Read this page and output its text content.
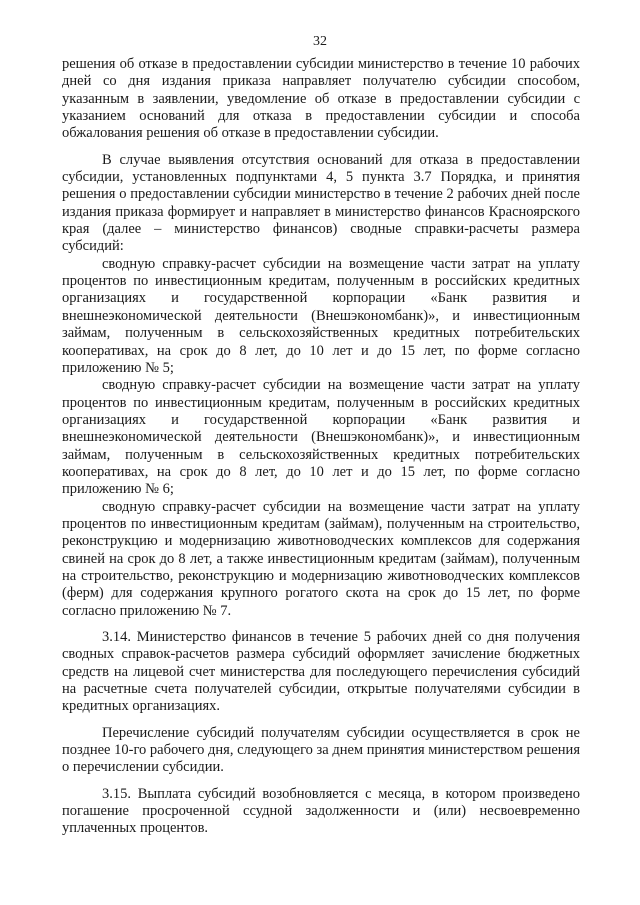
32

решения об отказе в предоставлении субсидии министерство в течение 10 рабочих дней со дня издания приказа направляет получателю субсидии способом, указанным в заявлении, уведомление об отказе в предоставлении субсидии с указанием оснований для отказа в предоставлении субсидии и способа обжалования решения об отказе в предоставлении субсидии.

В случае выявления отсутствия оснований для отказа в предоставлении субсидии, установленных подпунктами 4, 5 пункта 3.7 Порядка, и принятия решения о предоставлении субсидии министерство в течение 2 рабочих дней после издания приказа формирует и направляет в министерство финансов Красноярского края (далее – министерство финансов) сводные справки-расчеты размера субсидий:

сводную справку-расчет субсидии на возмещение части затрат на уплату процентов по инвестиционным кредитам, полученным в российских кредитных организациях и государственной корпорации «Банк развития и внешнеэкономической деятельности (Внешэкономбанк)», и инвестиционным займам, полученным в сельскохозяйственных кредитных потребительских кооперативах, на срок до 8 лет, до 10 лет и до 15 лет, по форме согласно приложению № 5;

сводную справку-расчет субсидии на возмещение части затрат на уплату процентов по инвестиционным кредитам, полученным в российских кредитных организациях и государственной корпорации «Банк развития и внешнеэкономической деятельности (Внешэкономбанк)», и инвестиционным займам, полученным в сельскохозяйственных кредитных потребительских кооперативах, на срок до 8 лет, до 10 лет и до 15 лет, по форме согласно приложению № 6;

сводную справку-расчет субсидии на возмещение части затрат на уплату процентов по инвестиционным кредитам (займам), полученным на строительство, реконструкцию и модернизацию животноводческих комплексов для содержания свиней на срок до 8 лет, а также инвестиционным кредитам (займам), полученным на строительство, реконструкцию и модернизацию животноводческих комплексов (ферм) для содержания крупного рогатого скота на срок до 15 лет, по форме согласно приложению № 7.

3.14. Министерство финансов в течение 5 рабочих дней со дня получения сводных справок-расчетов размера субсидий оформляет зачисление бюджетных средств на лицевой счет министерства для последующего перечисления субсидий на расчетные счета получателей субсидии, открытые получателями субсидии в кредитных организациях.

Перечисление субсидий получателям субсидии осуществляется в срок не позднее 10-го рабочего дня, следующего за днем принятия министерством решения о перечислении субсидии.

3.15. Выплата субсидий возобновляется с месяца, в котором произведено погашение просроченной ссудной задолженности и (или) несвоевременно уплаченных процентов.
